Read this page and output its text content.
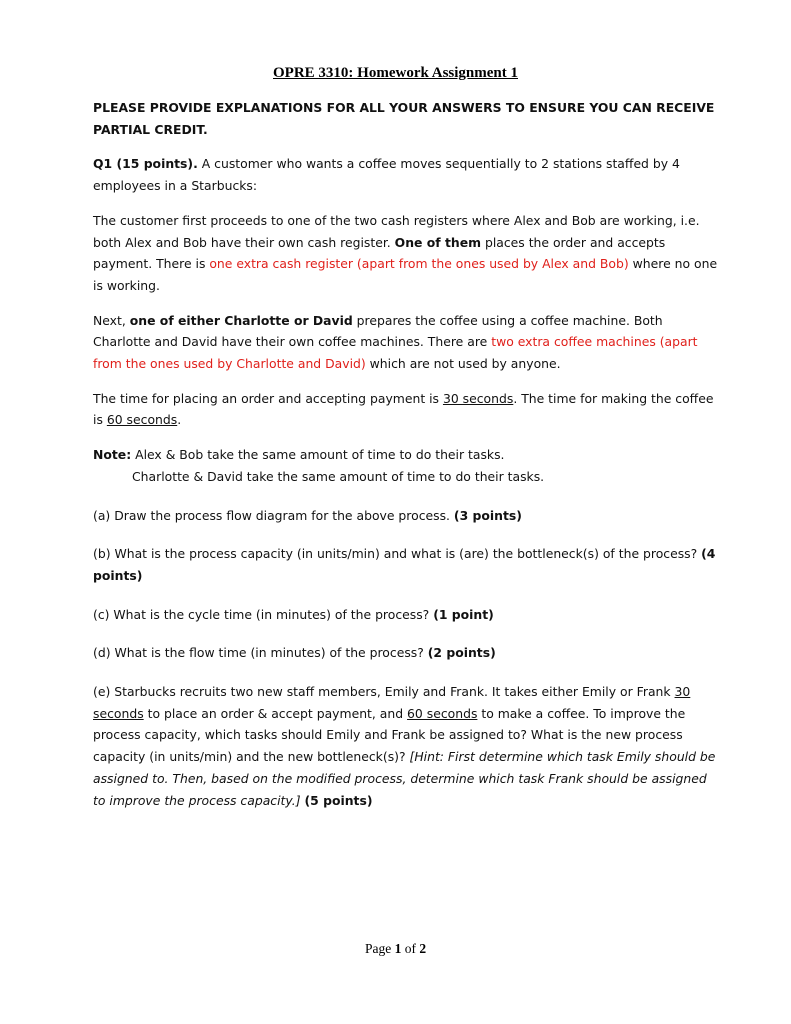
OPRE 3310: Homework Assignment 1

PLEASE PROVIDE EXPLANATIONS FOR ALL YOUR ANSWERS TO ENSURE YOU CAN RECEIVE PARTIAL CREDIT.

Q1 (15 points). A customer who wants a coffee moves sequentially to 2 stations staffed by 4 employees in a Starbucks:

The customer first proceeds to one of the two cash registers where Alex and Bob are working, i.e. both Alex and Bob have their own cash register. One of them places the order and accepts payment. There is one extra cash register (apart from the ones used by Alex and Bob) where no one is working.

Next, one of either Charlotte or David prepares the coffee using a coffee machine. Both Charlotte and David have their own coffee machines. There are two extra coffee machines (apart from the ones used by Charlotte and David) which are not used by anyone.

The time for placing an order and accepting payment is 30 seconds. The time for making the coffee is 60 seconds.

Note: Alex & Bob take the same amount of time to do their tasks.
Charlotte & David take the same amount of time to do their tasks.

(a) Draw the process flow diagram for the above process. (3 points)

(b) What is the process capacity (in units/min) and what is (are) the bottleneck(s) of the process? (4 points)

(c) What is the cycle time (in minutes) of the process? (1 point)

(d) What is the flow time (in minutes) of the process? (2 points)

(e) Starbucks recruits two new staff members, Emily and Frank. It takes either Emily or Frank 30 seconds to place an order & accept payment, and 60 seconds to make a coffee. To improve the process capacity, which tasks should Emily and Frank be assigned to? What is the new process capacity (in units/min) and the new bottleneck(s)? [Hint: First determine which task Emily should be assigned to. Then, based on the modified process, determine which task Frank should be assigned to improve the process capacity.] (5 points)

Page 1 of 2
